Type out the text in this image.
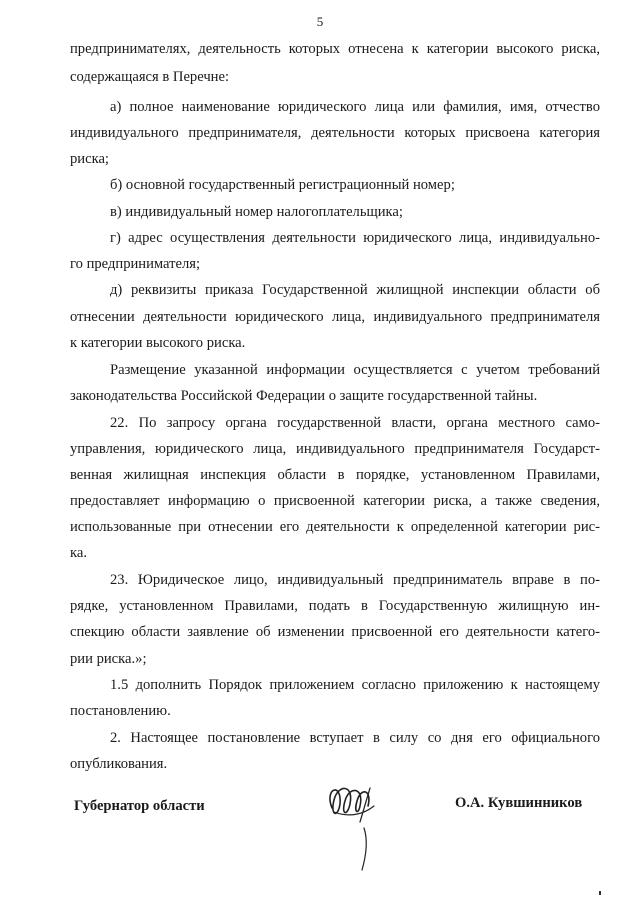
5
предпринимателях, деятельность которых отнесена к категории высокого риска,
содержащаяся в Перечне:
а) полное наименование юридического лица или фамилия, имя, отчество
индивидуального предпринимателя, деятельности которых присвоена категория
риска;
б) основной государственный регистрационный номер;
в) индивидуальный номер налогоплательщика;
г) адрес осуществления деятельности юридического лица, индивидуально-
го предпринимателя;
д) реквизиты приказа Государственной жилищной инспекции области об
отнесении деятельности юридического лица, индивидуального предпринимателя
к категории высокого риска.
Размещение указанной информации осуществляется с учетом требований
законодательства Российской Федерации о защите государственной тайны.
22. По запросу органа государственной власти, органа местного само-
управления, юридического лица, индивидуального предпринимателя Государст-
венная жилищная инспекция области в порядке, установленном Правилами,
предоставляет информацию о присвоенной категории риска, а также сведения,
использованные при отнесении его деятельности к определенной категории рис-
ка.
23. Юридическое лицо, индивидуальный предприниматель вправе в по-
рядке, установленном Правилами, подать в Государственную жилищную ин-
спекцию области заявление об изменении присвоенной его деятельности катего-
рии риска.»;
1.5 дополнить Порядок приложением согласно приложению к настоящему
постановлению.
2. Настоящее постановление вступает в силу со дня его официального
опубликования.
Губернатор области	О.А. Кувшинников
